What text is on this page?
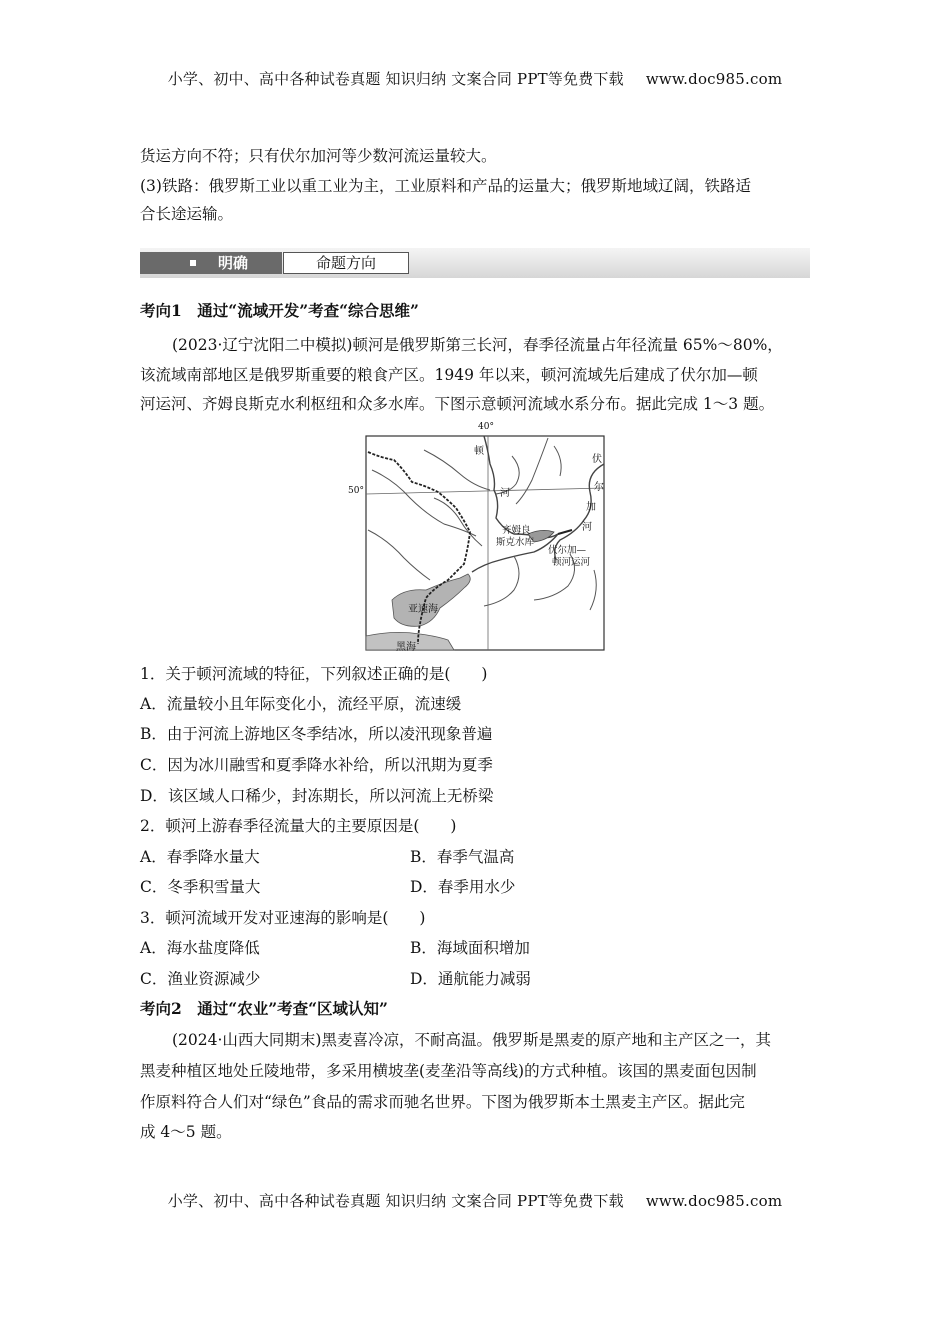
小学、初中、高中各种试卷真题 知识归纳 文案合同 PPT等免费下载 www.doc985.com
货运方向不符；只有伏尔加河等少数河流运量较大。
(3)铁路：俄罗斯工业以重工业为主，工业原料和产品的运量大；俄罗斯地域辽阔，铁路适
合长途运输。
明确	命题方向
考向1　通过“流域开发”考查“综合思维”
(2023·辽宁沈阳二中模拟)顿河是俄罗斯第三长河，春季径流量占年径流量 65%～80%，
该流域南部地区是俄罗斯重要的粮食产区。1949 年以来，顿河流域先后建成了伏尔加—顿
河运河、齐姆良斯克水利枢纽和众多水库。下图示意顿河流域水系分布。据此完成 1～3 题。
40°
50°
顿
河
伏
尔
加
河
齐姆良
斯克水库
伏尔加—
顿河运河
亚速海
黑海
1．关于顿河流域的特征，下列叙述正确的是(　　)
A．流量较小且年际变化小，流经平原，流速缓
B．由于河流上游地区冬季结冰，所以凌汛现象普遍
C．因为冰川融雪和夏季降水补给，所以汛期为夏季
D．该区域人口稀少，封冻期长，所以河流上无桥梁
2．顿河上游春季径流量大的主要原因是(　　)
A．春季降水量大	B．春季气温高
C．冬季积雪量大	D．春季用水少
3．顿河流域开发对亚速海的影响是(　　)
A．海水盐度降低	B．海域面积增加
C．渔业资源减少	D．通航能力减弱
考向2　通过“农业”考查“区域认知”
(2024·山西大同期末)黑麦喜冷凉，不耐高温。俄罗斯是黑麦的原产地和主产区之一，其
黑麦种植区地处丘陵地带，多采用横坡垄(麦垄沿等高线)的方式种植。该国的黑麦面包因制
作原料符合人们对“绿色”食品的需求而驰名世界。下图为俄罗斯本土黑麦主产区。据此完
成 4～5 题。
小学、初中、高中各种试卷真题 知识归纳 文案合同 PPT等免费下载 www.doc985.com
